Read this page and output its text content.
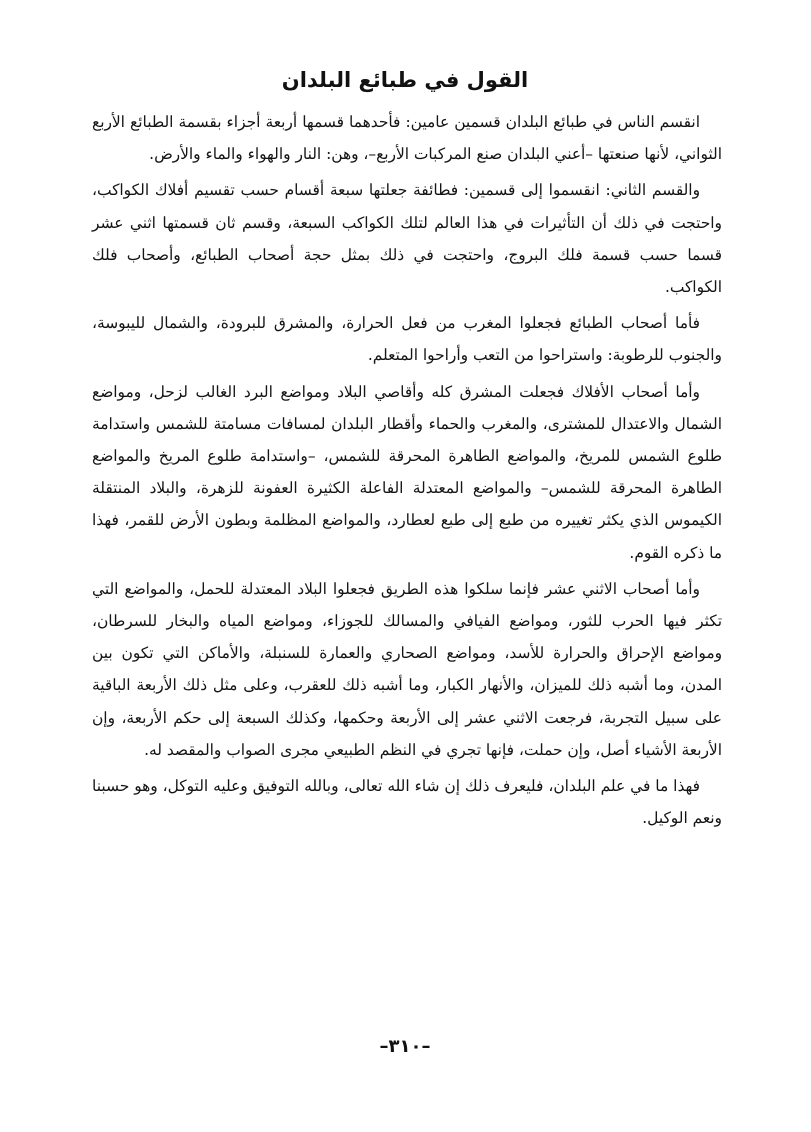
القول في طبائع البلدان

انقسم الناس في طبائع البلدان قسمين عامين: فأحدهما قسمها أربعة أجزاء بقسمة الطبائع الأربع الثواني، لأنها صنعتها –أعني البلدان صنع المركبات الأربع–، وهن: النار والهواء والماء والأرض.

والقسم الثاني: انقسموا إلى قسمين: فطائفة جعلتها سبعة أقسام حسب تقسيم أفلاك الكواكب، واحتجت في ذلك أن التأثيرات في هذا العالم لتلك الكواكب السبعة، وقسم ثان قسمتها اثني عشر قسما حسب قسمة فلك البروج، واحتجت في ذلك بمثل حجة أصحاب الطبائع، وأصحاب فلك الكواكب.

فأما أصحاب الطبائع فجعلوا المغرب من فعل الحرارة، والمشرق للبرودة، والشمال لليبوسة، والجنوب للرطوبة: واستراحوا من التعب وأراحوا المتعلم.

وأما أصحاب الأفلاك فجعلت المشرق كله وأقاصي البلاد ومواضع البرد الغالب لزحل، ومواضع الشمال والاعتدال للمشترى، والمغرب والحماء وأقطار البلدان لمسافات مسامتة للشمس واستدامة طلوع الشمس للمريخ، والمواضع الطاهرة المحرقة للشمس، –واستدامة طلوع المريخ والمواضع الطاهرة المحرقة للشمس– والمواضع المعتدلة الفاعلة الكثيرة العفونة للزهرة، والبلاد المنتقلة الكيموس الذي يكثر تغييره من طبع إلى طبع لعطارد، والمواضع المظلمة وبطون الأرض للقمر، فهذا ما ذكره القوم.

وأما أصحاب الاثني عشر فإنما سلكوا هذه الطريق فجعلوا البلاد المعتدلة للحمل، والمواضع التي تكثر فيها الحرب للثور، ومواضع الفيافي والمسالك للجوزاء، ومواضع المياه والبخار للسرطان، ومواضع الإحراق والحرارة للأسد، ومواضع الصحاري والعمارة للسنبلة، والأماكن التي تكون بين المدن، وما أشبه ذلك للميزان، والأنهار الكبار، وما أشبه ذلك للعقرب، وعلى مثل ذلك الأربعة الباقية على سبيل التجربة، فرجعت الاثني عشر إلى الأربعة وحكمها، وكذلك السبعة إلى حكم الأربعة، وإن الأربعة الأشياء أصل، وإن حملت، فإنها تجري في النظم الطبيعي مجرى الصواب والمقصد له.

فهذا ما في علم البلدان، فليعرف ذلك إن شاء الله تعالى، وبالله التوفيق وعليه التوكل، وهو حسبنا ونعم الوكيل.

–٣١٠–
